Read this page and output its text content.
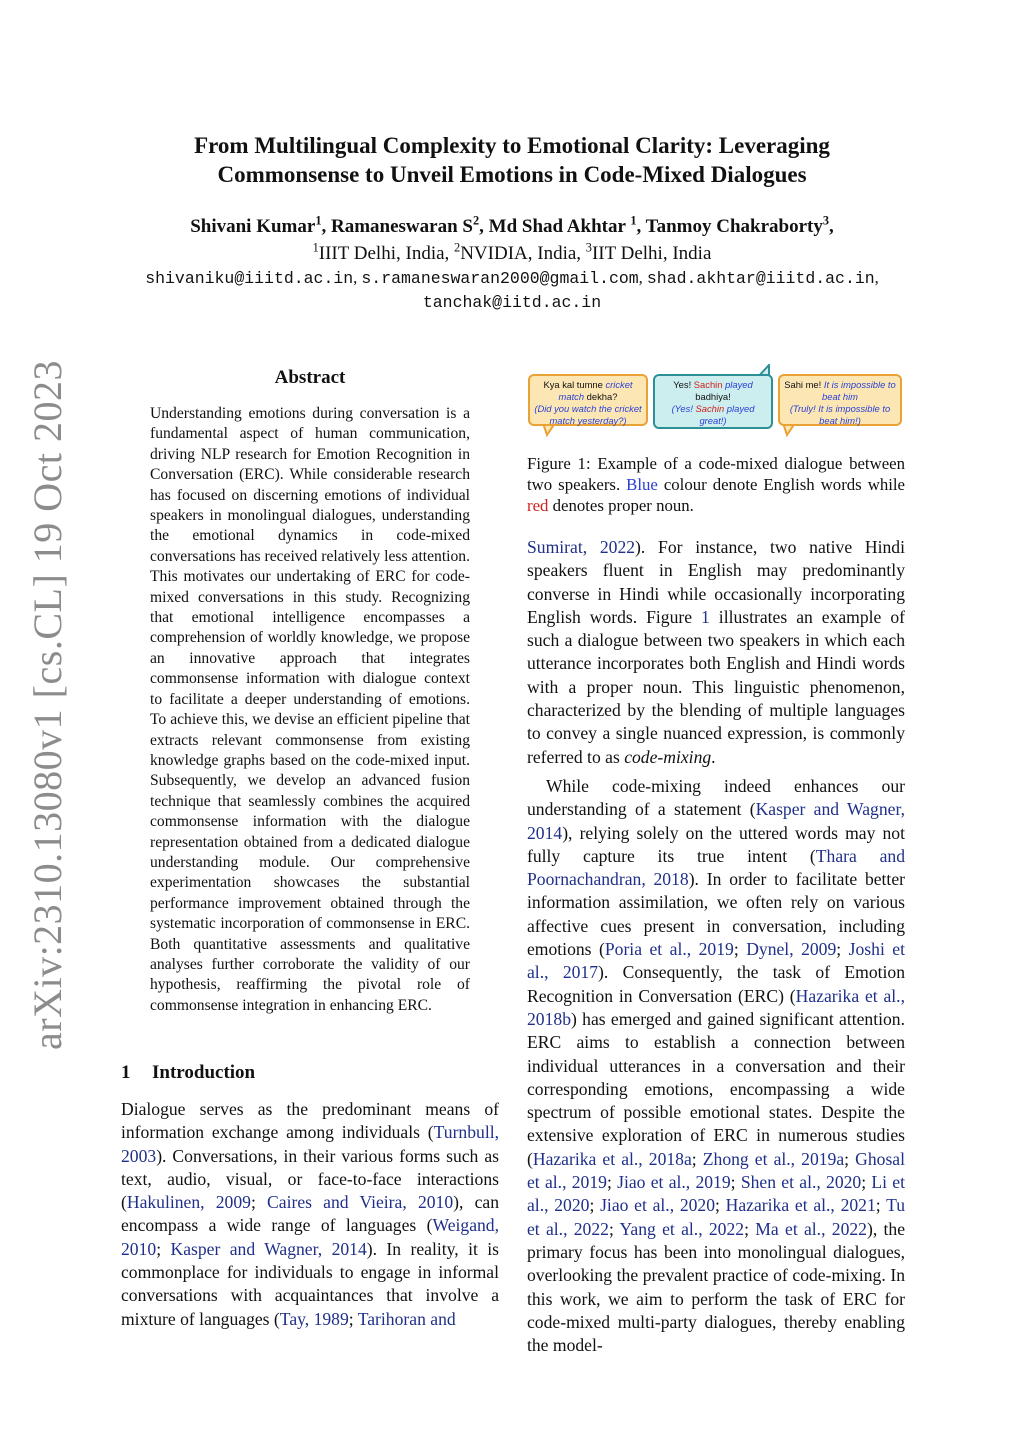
arXiv:2310.13080v1 [cs.CL] 19 Oct 2023
From Multilingual Complexity to Emotional Clarity: Leveraging
Commonsense to Unveil Emotions in Code-Mixed Dialogues
Shivani Kumar$^1$, Ramaneswaran $S^2$, Md Shad Akhtar $^1$, Tanmoy Chakraborty$^3$,
$^1$IIIT Delhi, India, $^2$NVIDIA, India, $^3$IIT Delhi, India
shivaniku@iiitd.ac.in, s.ramaneswaran2000@gmail.com, shad.akhtar@iiitd.ac.in,
tanchak@iitd.ac.in
Abstract
Understanding emotions during conversation is a fundamental aspect of human communication, driving NLP research for Emotion Recognition in Conversation (ERC). While considerable research has focused on discerning emotions of individual speakers in monolingual dialogues, understanding the emotional dynamics in code-mixed conversations has received relatively less attention. This motivates our undertaking of ERC for code-mixed conversations in this study. Recognizing that emotional intelligence encompasses a comprehension of worldly knowledge, we propose an innovative approach that integrates commonsense information with dialogue context to facilitate a deeper understanding of emotions. To achieve this, we devise an efficient pipeline that extracts relevant commonsense from existing knowledge graphs based on the code-mixed input. Subsequently, we develop an advanced fusion technique that seamlessly combines the acquired commonsense information with the dialogue representation obtained from a dedicated dialogue understanding module. Our comprehensive experimentation showcases the substantial performance improvement obtained through the systematic incorporation of commonsense in ERC. Both quantitative assessments and qualitative analyses further corroborate the validity of our hypothesis, reaffirming the pivotal role of commonsense integration in enhancing ERC.
1 Introduction
Dialogue serves as the predominant means of information exchange among individuals (Turnbull, 2003). Conversations, in their various forms such as text, audio, visual, or face-to-face interactions (Hakulinen, 2009; Caires and Vieira, 2010), can encompass a wide range of languages (Weigand, 2010; Kasper and Wagner, 2014). In reality, it is commonplace for individuals to engage in informal conversations with acquaintances that involve a mixture of languages (Tay, 1989; Tarihoran and
Kya kal tumne cricket match dekha?
(Did you watch the cricket match yesterday?)
Yes! Sachin played badhiya!
(Yes! Sachin played great!)
Sahi me! It is impossible to beat him
(Truly! It is impossible to beat him!)
Figure 1: Example of a code-mixed dialogue between two speakers. Blue colour denote English words while red denotes proper noun.

Sumirat, 2022). For instance, two native Hindi speakers fluent in English may predominantly converse in Hindi while occasionally incorporating English words. Figure 1 illustrates an example of such a dialogue between two speakers in which each utterance incorporates both English and Hindi words with a proper noun. This linguistic phenomenon, characterized by the blending of multiple languages to convey a single nuanced expression, is commonly referred to as code-mixing.

While code-mixing indeed enhances our understanding of a statement (Kasper and Wagner, 2014), relying solely on the uttered words may not fully capture its true intent (Thara and Poornachandran, 2018). In order to facilitate better information assimilation, we often rely on various affective cues present in conversation, including emotions (Poria et al., 2019; Dynel, 2009; Joshi et al., 2017). Consequently, the task of Emotion Recognition in Conversation (ERC) (Hazarika et al., 2018b) has emerged and gained significant attention. ERC aims to establish a connection between individual utterances in a conversation and their corresponding emotions, encompassing a wide spectrum of possible emotional states. Despite the extensive exploration of ERC in numerous studies (Hazarika et al., 2018a; Zhong et al., 2019a; Ghosal et al., 2019; Jiao et al., 2019; Shen et al., 2020; Li et al., 2020; Jiao et al., 2020; Hazarika et al., 2021; Tu et al., 2022; Yang et al., 2022; Ma et al., 2022), the primary focus has been into monolingual dialogues, overlooking the prevalent practice of code-mixing. In this work, we aim to perform the task of ERC for code-mixed multi-party dialogues, thereby enabling the model-
